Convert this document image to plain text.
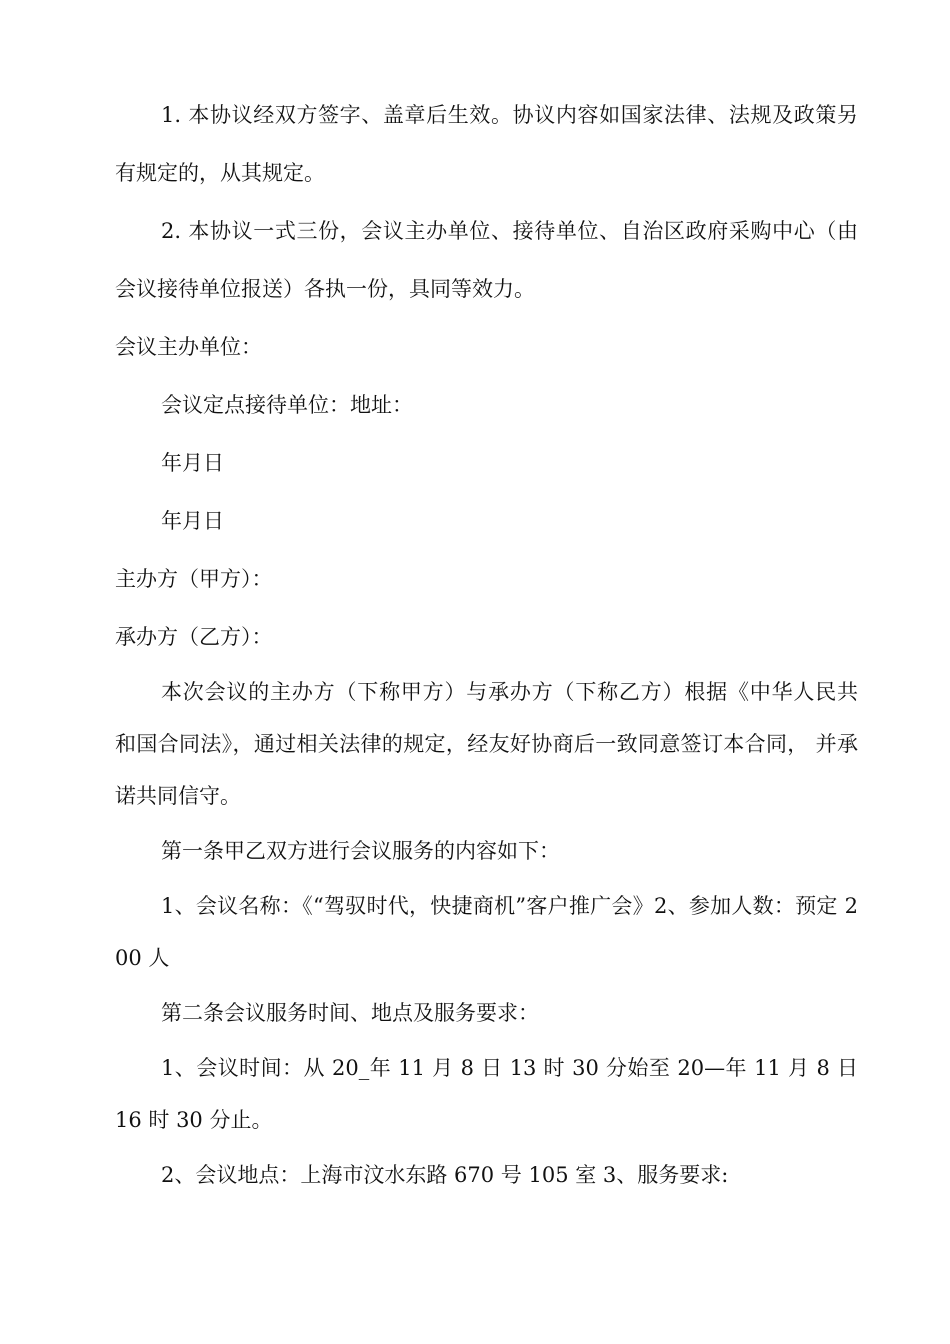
1. 本协议经双方签字、盖章后生效。协议内容如国家法律、法规及政策另有规定的，从其规定。

2. 本协议一式三份，会议主办单位、接待单位、自治区政府采购中心（由会议接待单位报送）各执一份，具同等效力。

会议主办单位：

会议定点接待单位：地址：

年月日

年月日

主办方（甲方）：

承办方（乙方）：

本次会议的主办方（下称甲方）与承办方（下称乙方）根据《中华人民共 和国合同法》，通过相关法律的规定，经友好协商后一致同意签订本合同， 并承诺共同信守。

第一条甲乙双方进行会议服务的内容如下：

1、会议名称：《“驾驭时代，快捷商机”客户推广会》2、参加人数：预定 200 人

第二条会议服务时间、地点及服务要求：

1、会议时间：从 20_年 11 月 8 日 13 时 30 分始至 20—年 11 月 8 日 16 时 30 分止。

2、会议地点：上海市汶水东路 670 号 105 室 3、服务要求:
